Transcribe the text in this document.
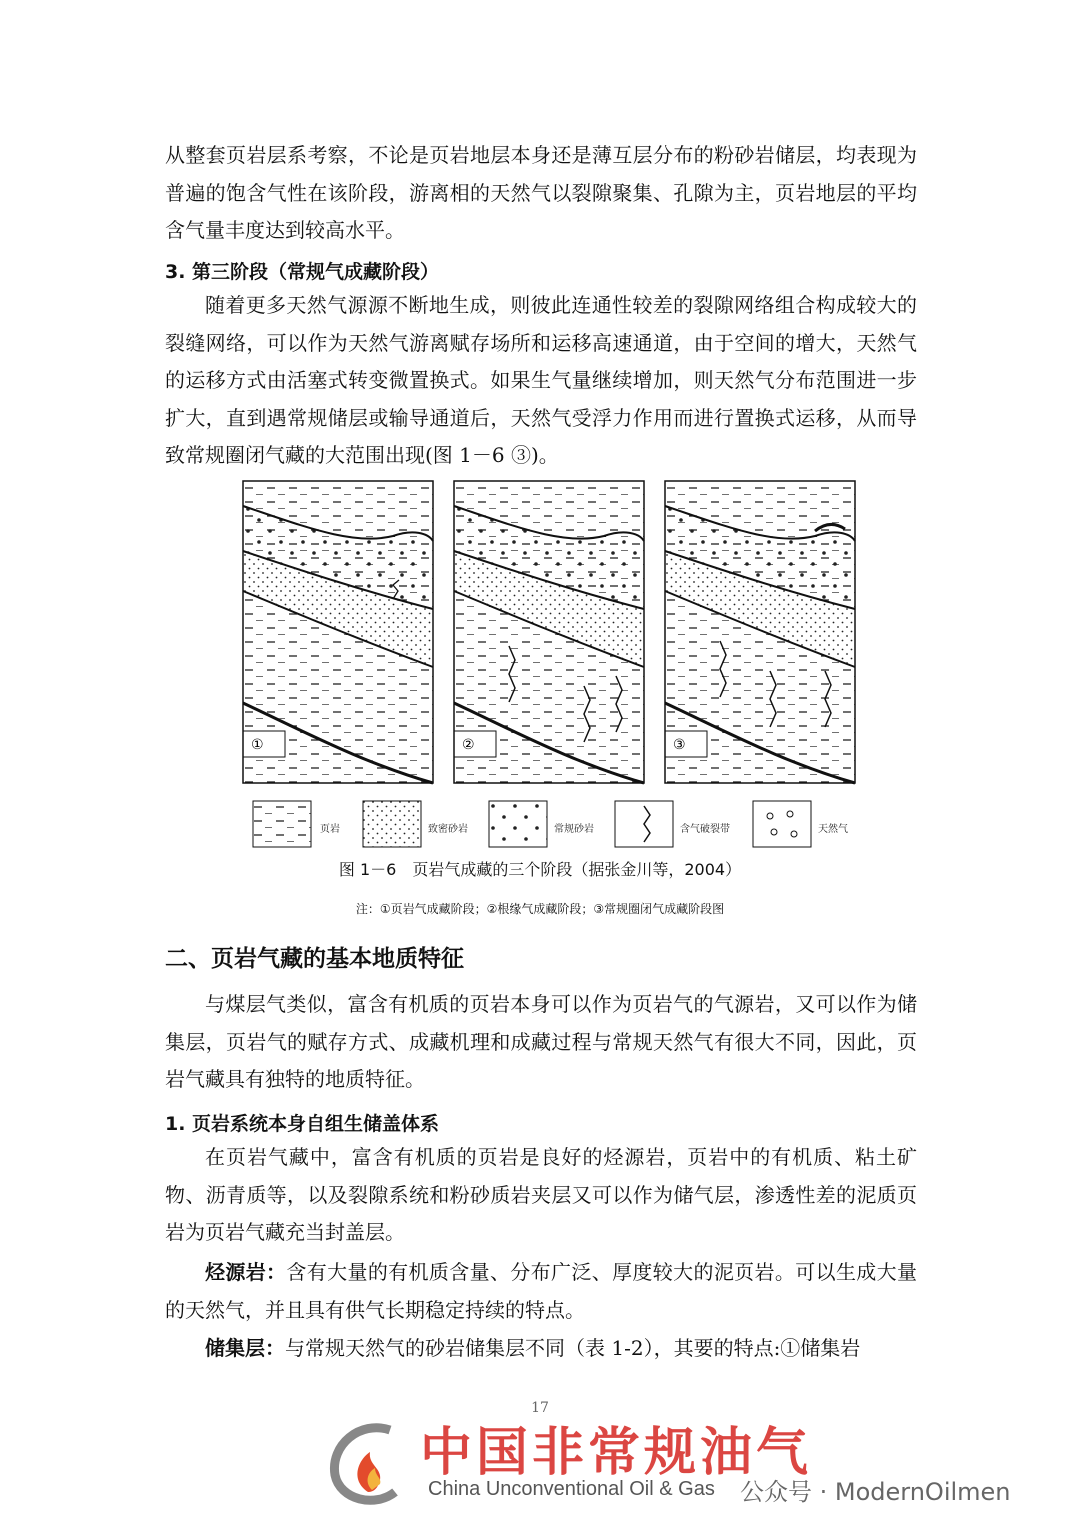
从整套页岩层系考察，不论是页岩地层本身还是薄互层分布的粉砂岩储层，均表现为普遍的饱含气性在该阶段，游离相的天然气以裂隙聚集、孔隙为主，页岩地层的平均含气量丰度达到较高水平。

3. 第三阶段（常规气成藏阶段）

随着更多天然气源源不断地生成，则彼此连通性较差的裂隙网络组合构成较大的裂缝网络，可以作为天然气游离赋存场所和运移高速通道，由于空间的增大，天然气的运移方式由活塞式转变微置换式。如果生气量继续增加，则天然气分布范围进一步扩大，直到遇常规储层或输导通道后，天然气受浮力作用而进行置换式运移，从而导致常规圈闭气藏的大范围出现(图 1－6 ③)。

①	②	③
页岩	致密砂岩	常规砂岩	含气破裂带	天然气
图 1－6　页岩气成藏的三个阶段（据张金川等，2004）
注：①页岩气成藏阶段；②根缘气成藏阶段；③常规圈闭气成藏阶段图
二、页岩气藏的基本地质特征

与煤层气类似，富含有机质的页岩本身可以作为页岩气的气源岩，又可以作为储集层，页岩气的赋存方式、成藏机理和成藏过程与常规天然气有很大不同，因此，页岩气藏具有独特的地质特征。

1. 页岩系统本身自组生储盖体系

在页岩气藏中，富含有机质的页岩是良好的烃源岩，页岩中的有机质、粘土矿物、沥青质等，以及裂隙系统和粉砂质岩夹层又可以作为储气层，渗透性差的泥质页岩为页岩气藏充当封盖层。

烃源岩：含有大量的有机质含量、分布广泛、厚度较大的泥页岩。可以生成大量的天然气，并且具有供气长期稳定持续的特点。

储集层：与常规天然气的砂岩储集层不同（表 1-2），其要的特点:①储集岩

17
中国非常规油气
China Unconventional Oil & Gas 公众号 · ModernOilmen
